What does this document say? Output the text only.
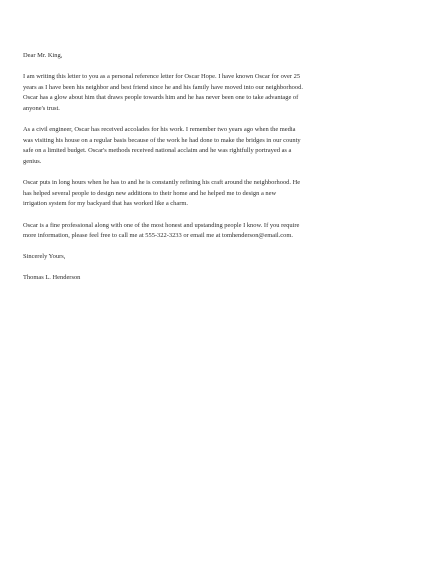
Dear Mr. King,

I am writing this letter to you as a personal reference letter for Oscar Hope. I have known Oscar for over 25
years as I have been his neighbor and best friend since he and his family have moved into our neighborhood.
Oscar has a glow about him that draws people towards him and he has never been one to take advantage of
anyone's trust.

As a civil engineer, Oscar has received accolades for his work. I remember two years ago when the media
was visiting his house on a regular basis because of the work he had done to make the bridges in our county
safe on a limited budget. Oscar's methods received national acclaim and he was rightfully portrayed as a
genius.

Oscar puts in long hours when he has to and he is constantly refining his craft around the neighborhood. He
has helped several people to design new additions to their home and he helped me to design a new
irrigation system for my backyard that has worked like a charm.

Oscar is a fine professional along with one of the most honest and upstanding people I know. If you require
more information, please feel free to call me at 555-322-3233 or email me at tomhenderson@email.com.

Sincerely Yours,

Thomas L. Henderson
